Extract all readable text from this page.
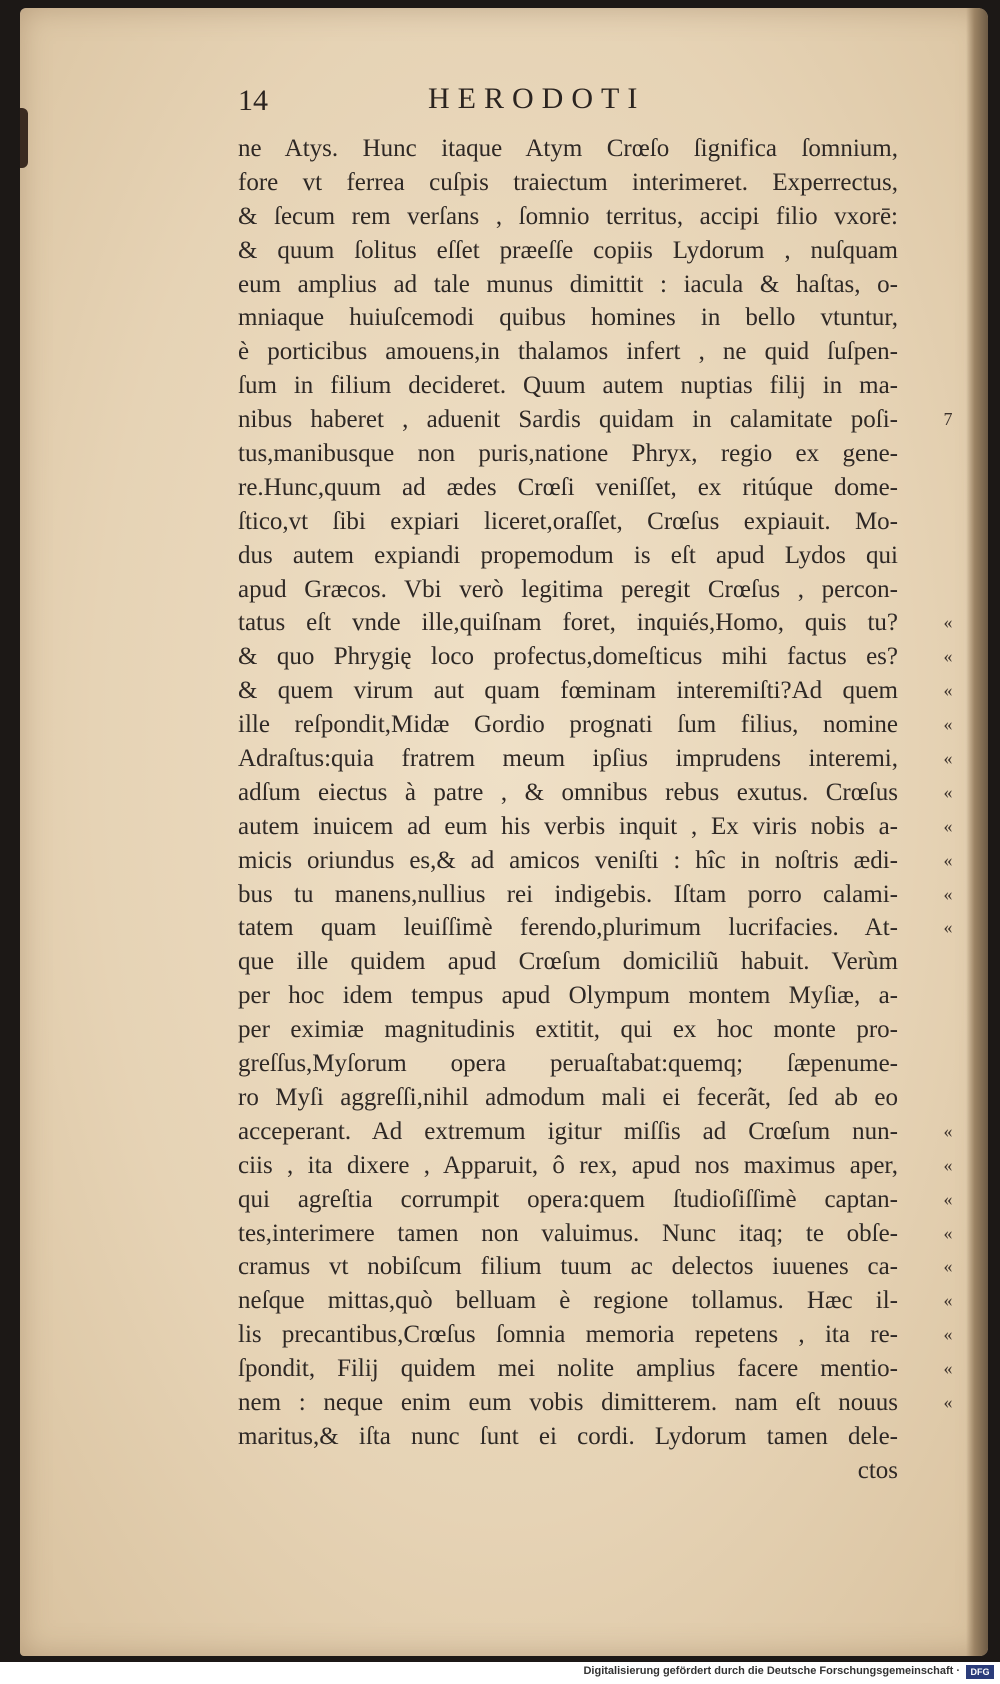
14	HERODOTI
ne Atys. Hunc itaque Atym Crœſo ſignifica ſomnium,
fore vt ferrea cuſpis traiectum interimeret. Experrectus,
& ſecum rem verſans , ſomnio territus, accipi filio vxorē:
& quum ſolitus eſſet præeſſe copiis Lydorum , nuſquam
eum amplius ad tale munus dimittit : iacula & haſtas, o-
mniaque huiuſcemodi quibus homines in bello vtuntur,
è porticibus amouens,in thalamos infert , ne quid ſuſpen-
ſum in filium decideret. Quum autem nuptias filij in ma-
nibus haberet , aduenit Sardis quidam in calamitate poſi-
tus,manibusque non puris,natione Phryx, regio ex gene-
re.Hunc,quum ad ædes Crœſi veniſſet, ex ritúque dome-
ſtico,vt ſibi expiari liceret,oraſſet, Crœſus expiauit. Mo-
dus autem expiandi propemodum is eſt apud Lydos qui
apud Græcos. Vbi verò legitima peregit Crœſus , percon-
tatus eſt vnde ille,quiſnam foret, inquiés,Homo, quis tu?
& quo Phrygię loco profectus,domeſticus mihi factus es?
& quem virum aut quam fœminam interemiſti?Ad quem
ille reſpondit,Midæ Gordio prognati ſum filius, nomine
Adraſtus:quia fratrem meum ipſius imprudens interemi,
adſum eiectus à patre , & omnibus rebus exutus. Crœſus
autem inuicem ad eum his verbis inquit , Ex viris nobis a-
micis oriundus es,& ad amicos veniſti : hîc in noſtris ædi-
bus tu manens,nullius rei indigebis. Iſtam porro calami-
tatem quam leuiſſimè ferendo,plurimum lucrifacies. At-
que ille quidem apud Crœſum domiciliũ habuit. Verùm
per hoc idem tempus apud Olympum montem Myſiæ, a-
per eximiæ magnitudinis extitit, qui ex hoc monte pro-
greſſus,Myſorum opera peruaſtabat:quemq; ſæpenume-
ro Myſi aggreſſi,nihil admodum mali ei fecerãt, ſed ab eo
acceperant. Ad extremum igitur miſſis ad Crœſum nun-
ciis , ita dixere , Apparuit, ô rex, apud nos maximus aper,
qui agreſtia corrumpit opera:quem ſtudioſiſſimè captan-
tes,interimere tamen non valuimus. Nunc itaq; te obſe-
cramus vt nobiſcum filium tuum ac delectos iuuenes ca-
neſque mittas,quò belluam è regione tollamus. Hæc il-
lis precantibus,Crœſus ſomnia memoria repetens , ita re-
ſpondit, Filij quidem mei nolite amplius facere mentio-
nem : neque enim eum vobis dimitterem. nam eſt nouus
maritus,& iſta nunc ſunt ei cordi. Lydorum tamen dele-
ctos
7
«
«
«
«
«
«
«
«
«
«
«
«
«
«
«
«
«
«
«
Digitalisierung gefördert durch die Deutsche Forschungsgemeinschaft ·	DFG
